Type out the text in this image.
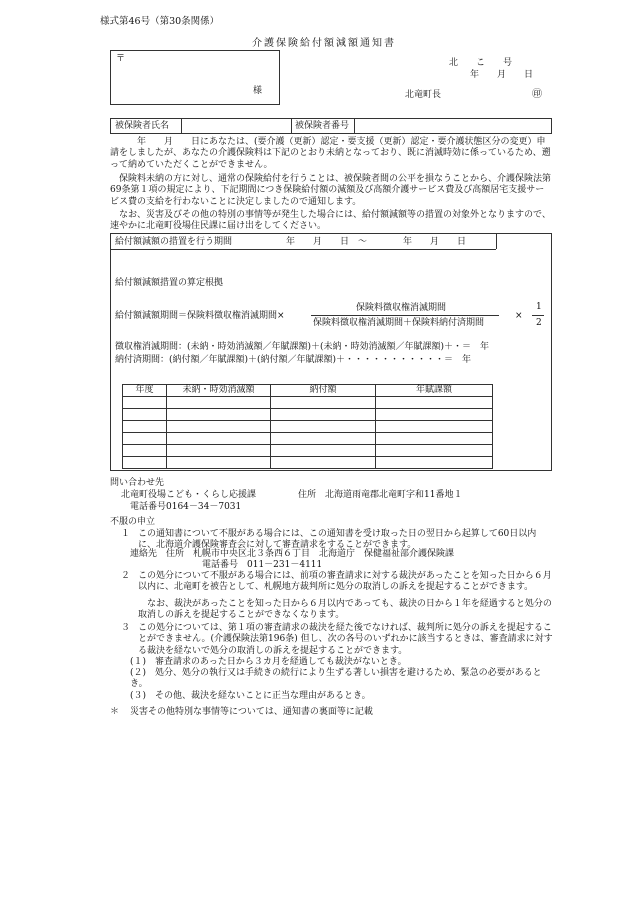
様式第46号（第30条関係）
介護保険給付額減額通知書
〒
様
北　　こ　　号
年　　月　　日
北竜町長	㊞
被保険者氏名	被保険者番号
　　　年　　月　　日にあなたは、(要介護（更新）認定・要支援（更新）認定・要介護状態区分の変更）申請をしましたが、あなたの介護保険料は下記のとおり未納となっており、既に消滅時効に係っているため、遡って納めていただくことができません。
保険料未納の方に対し、通常の保険給付を行うことは、被保険者間の公平を損なうことから、介護保険法第69条第１項の規定により、下記期間につき保険給付額の減額及び高額介護サービス費及び高額居宅支援サービス費の支給を行わないことに決定しましたので通知します。
なお、災害及びその他の特別の事情等が発生した場合には、給付額減額等の措置の対象外となりますので、速やかに北竜町役場住民課に届け出をしてください。
給付額減額の措置を行う期間	年　　月　　日　～　　　　年　　月　　日
給付額減額措置の算定根拠
給付額減額期間＝保険料徴収権消滅期間×
保険料徴収権消滅期間
保険料徴収権消滅期間＋保険料納付済期間
×
1
2
徴収権消滅期間：(未納・時効消滅額／年賦課額)＋(未納・時効消滅額／年賦課額)＋・＝　年
納付済期間：(納付額／年賦課額)＋(納付額／年賦課額)＋・・・・・・・・・・・＝　年
年度	未納・時効消滅額	納付額	年賦課額

問い合わせ先
北竜町役場こども・くらし応援課	住所　北海道雨竜郡北竜町字和11番地１
電話番号0164－34－7031
不服の申立
１ この通知書について不服がある場合には、この通知書を受け取った日の翌日から起算して60日以内に、北海道介護保険審査会に対して審査請求をすることができます。
連絡先　住所　札幌市中央区北３条西６丁目　北海道庁　保健福祉部介護保険課
電話番号　011－231－4111
２ この処分について不服がある場合には、前項の審査請求に対する裁決があったことを知った日から６月以内に、北竜町を被告として、札幌地方裁判所に処分の取消しの訴えを提起することができます。
なお、裁決があったことを知った日から６月以内であっても、裁決の日から１年を経過すると処分の取消しの訴えを提起することができなくなります。
３ この処分については、第１項の審査請求の裁決を経た後でなければ、裁判所に処分の訴えを提起することができません。(介護保険法第196条) 但し、次の各号のいずれかに該当するときは、審査請求に対する裁決を経ないで処分の取消しの訴えを提起することができます。
(１)　審査請求のあった日から３カ月を経過しても裁決がないとき。
(２)　処分、処分の執行又は手続きの続行により生ずる著しい損害を避けるため、緊急の必要があるとき。
(３)　その他、裁決を経ないことに正当な理由があるとき。
＊ 災害その他特別な事情等については、通知書の裏面等に記載
